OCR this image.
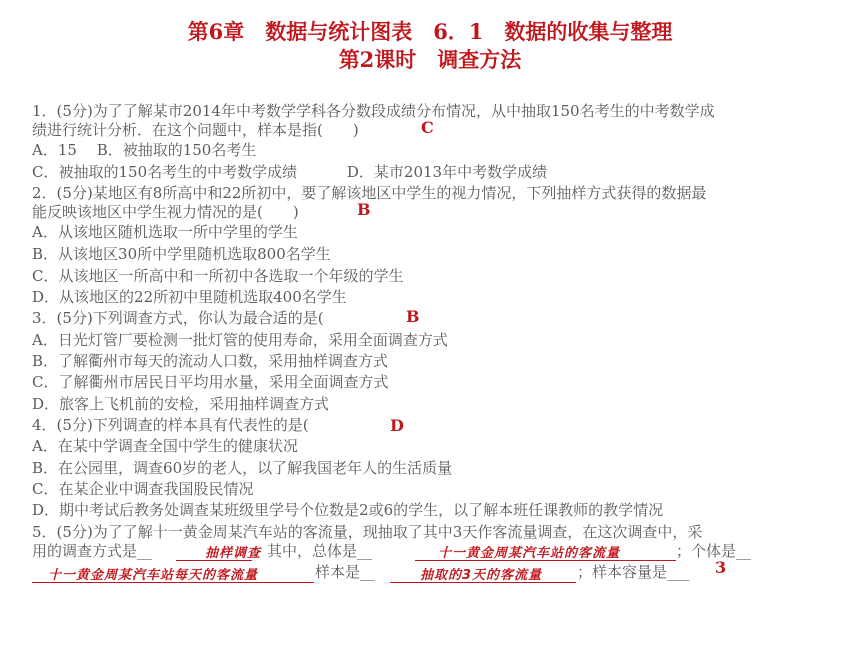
第6章　数据与统计图表　6．1　数据的收集与整理
第2课时　调查方法
1．(5分)为了了解某市2014年中考数学学科各分数段成绩分布情况，从中抽取150名考生的中考数学成
绩进行统计分析．在这个问题中，样本是指(　　)
A．15　 B．被抽取的150名考生
C．被抽取的150名考生的中考数学成绩　　　 D．某市2013年中考数学成绩
2．(5分)某地区有8所高中和22所初中，要了解该地区中学生的视力情况，下列抽样方式获得的数据最
能反映该地区中学生视力情况的是(　　)
A．从该地区随机选取一所中学里的学生
B．从该地区30所中学里随机选取800名学生
C．从该地区一所高中和一所初中各选取一个年级的学生
D．从该地区的22所初中里随机选取400名学生
3．(5分)下列调查方式，你认为最合适的是(
A．日光灯管厂要检测一批灯管的使用寿命，采用全面调查方式
B．了解衢州市每天的流动人口数，采用抽样调查方式
C．了解衢州市居民日平均用水量，采用全面调查方式
D．旅客上飞机前的安检，采用抽样调查方式
4．(5分)下列调查的样本具有代表性的是(
A．在某中学调查全国中学生的健康状况
B．在公园里，调查60岁的老人，以了解我国老年人的生活质量
C．在某企业中调查我国股民情况
D．期中考试后教务处调查某班级里学号个位数是2或6的学生，以了解本班任课教师的教学情况
5．(5分)为了了解十一黄金周某汽车站的客流量，现抽取了其中3天作客流量调查，在这次调查中，采
用的调查方式是__	；其中，总体是__	；个体是__
样本是__	；样本容量是___
C
B
B
D
抽样调查	十一黄金周某汽车站的客流量
十一黄金周某汽车站每天的客流量	抽取的3天的客流量	3
